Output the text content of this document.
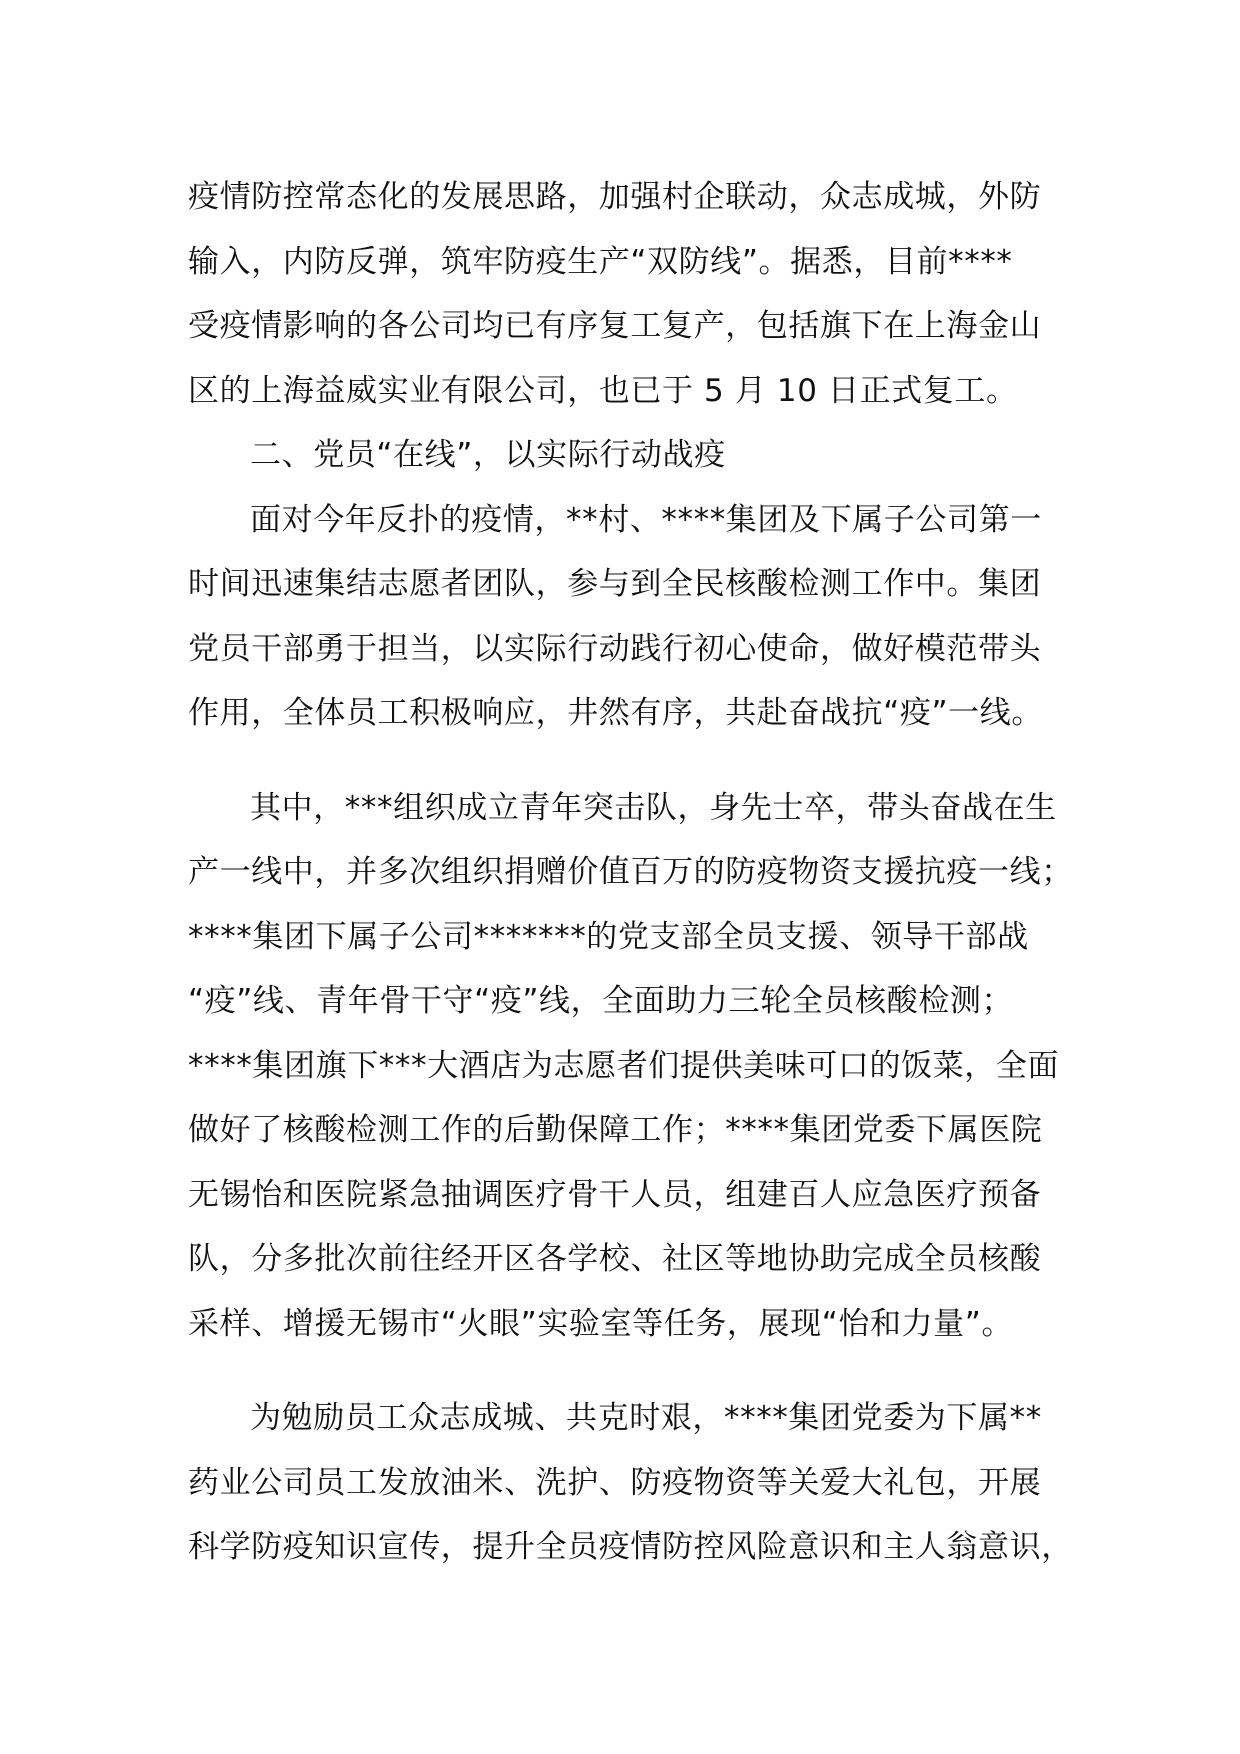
疫情防控常态化的发展思路，加强村企联动，众志成城，外防
输入，内防反弹，筑牢防疫生产“双防线”。据悉，目前****
受疫情影响的各公司均已有序复工复产，包括旗下在上海金山
区的上海益威实业有限公司，也已于 5 月 10 日正式复工。
二、党员“在线”，以实际行动战疫
面对今年反扑的疫情，**村、****集团及下属子公司第一
时间迅速集结志愿者团队，参与到全民核酸检测工作中。集团
党员干部勇于担当，以实际行动践行初心使命，做好模范带头
作用，全体员工积极响应，井然有序，共赴奋战抗“疫”一线。
其中，***组织成立青年突击队，身先士卒，带头奋战在生
产一线中，并多次组织捐赠价值百万的防疫物资支援抗疫一线；
****集团下属子公司*******的党支部全员支援、领导干部战
“疫”线、青年骨干守“疫”线，全面助力三轮全员核酸检测；
****集团旗下***大酒店为志愿者们提供美味可口的饭菜，全面
做好了核酸检测工作的后勤保障工作；****集团党委下属医院
无锡怡和医院紧急抽调医疗骨干人员，组建百人应急医疗预备
队，分多批次前往经开区各学校、社区等地协助完成全员核酸
采样、增援无锡市“火眼”实验室等任务，展现“怡和力量”。
为勉励员工众志成城、共克时艰，****集团党委为下属**
药业公司员工发放油米、洗护、防疫物资等关爱大礼包，开展
科学防疫知识宣传，提升全员疫情防控风险意识和主人翁意识，
